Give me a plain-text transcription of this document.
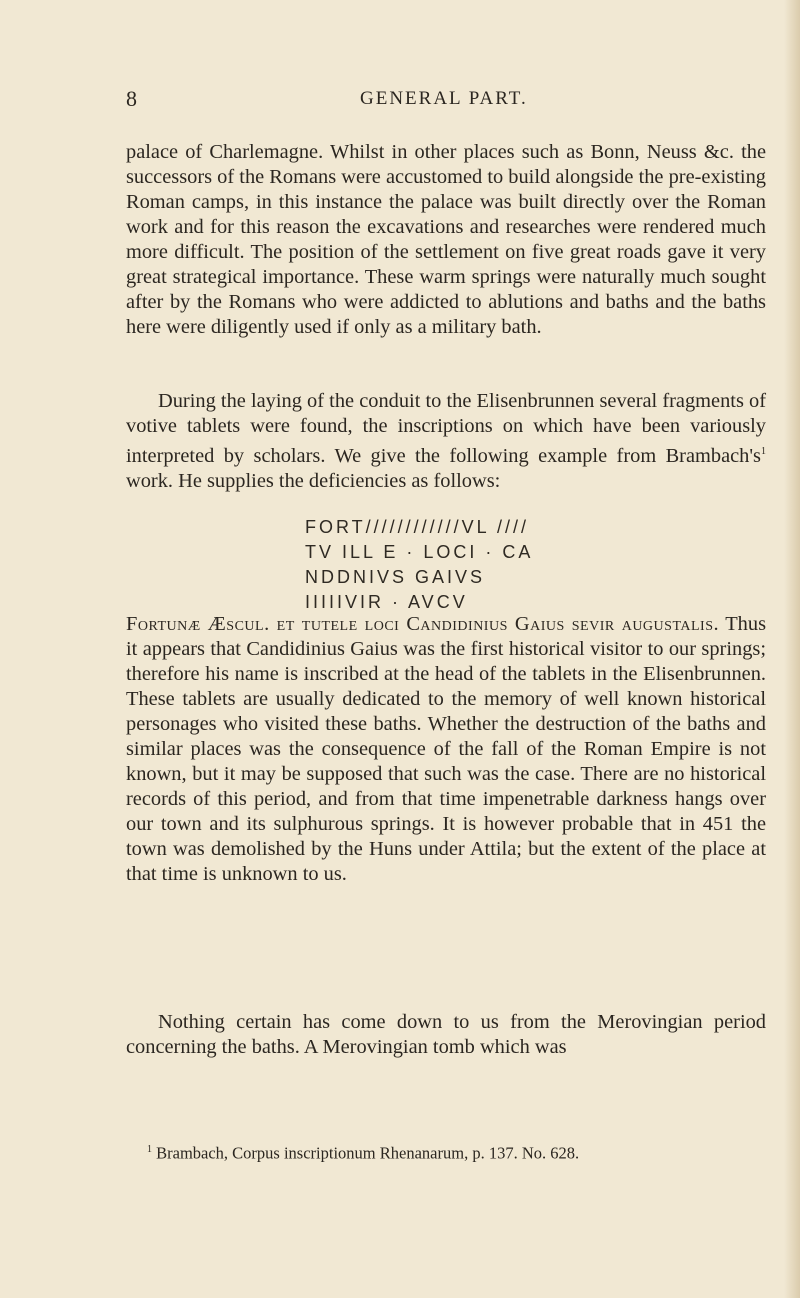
8	GENERAL PART.

palace of Charlemagne. Whilst in other places such as Bonn, Neuss &c. the successors of the Romans were accustomed to build alongside the pre-existing Roman camps, in this instance the palace was built directly over the Roman work and for this reason the excavations and researches were rendered much more difficult. The position of the settlement on five great roads gave it very great strategical importance. These warm springs were naturally much sought after by the Romans who were addicted to ablutions and baths and the baths here were diligently used if only as a military bath.

During the laying of the conduit to the Elisenbrunnen several fragments of votive tablets were found, the inscriptions on which have been variously interpreted by scholars. We give the following example from Brambach's$^1$ work. He supplies the deficiencies as follows:

FORT////////////VL ////
TV ILL E · LOCI · CA
NDDNIVS GAIVS
IIIIIVIR · AVCV

Fortunæ Æscul. et tutele loci Candidinius Gaius sevir augustalis. Thus it appears that Candidinius Gaius was the first historical visitor to our springs; therefore his name is inscribed at the head of the tablets in the Elisenbrunnen. These tablets are usually dedicated to the memory of well known historical personages who visited these baths. Whether the destruction of the baths and similar places was the consequence of the fall of the Roman Empire is not known, but it may be supposed that such was the case. There are no historical records of this period, and from that time impenetrable darkness hangs over our town and its sulphurous springs. It is however probable that in 451 the town was demolished by the Huns under Attila; but the extent of the place at that time is unknown to us.

Nothing certain has come down to us from the Merovingian period concerning the baths. A Merovingian tomb which was

$^1$ Brambach, Corpus inscriptionum Rhenanarum, p. 137. No. 628.
